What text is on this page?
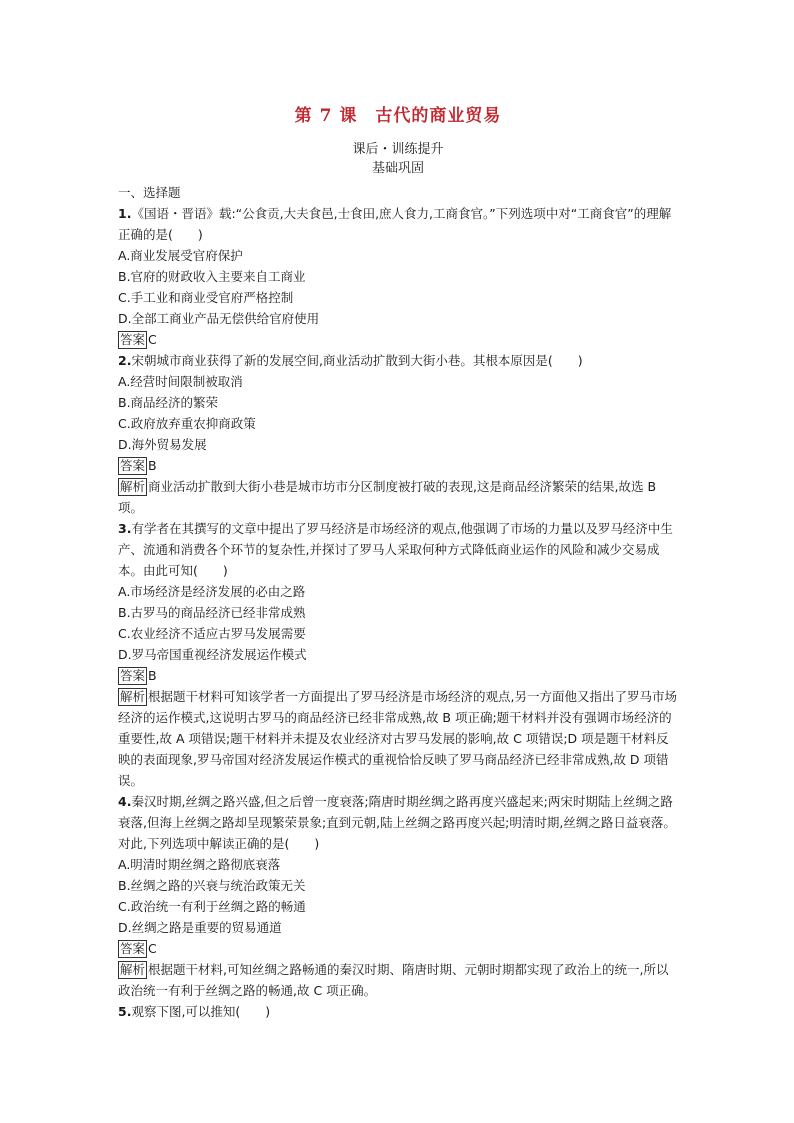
第 7 课　古代的商业贸易
课后・训练提升
基础巩固
一、选择题
1.《国语・晋语》载:“公食贡,大夫食邑,士食田,庶人食力,工商食官。”下列选项中对“工商食官”的理解正确的是(　　)
A.商业发展受官府保护
B.官府的财政收入主要来自工商业
C.手工业和商业受官府严格控制
D.全部工商业产品无偿供给官府使用
答案 C
2.宋朝城市商业获得了新的发展空间,商业活动扩散到大街小巷。其根本原因是(　　)
A.经营时间限制被取消
B.商品经济的繁荣
C.政府放弃重农抑商政策
D.海外贸易发展
答案 B
解析 商业活动扩散到大街小巷是城市坊市分区制度被打破的表现,这是商品经济繁荣的结果,故选 B 项。
3.有学者在其撰写的文章中提出了罗马经济是市场经济的观点,他强调了市场的力量以及罗马经济中生产、流通和消费各个环节的复杂性,并探讨了罗马人采取何种方式降低商业运作的风险和减少交易成本。由此可知(　　)
A.市场经济是经济发展的必由之路
B.古罗马的商品经济已经非常成熟
C.农业经济不适应古罗马发展需要
D.罗马帝国重视经济发展运作模式
答案 B
解析 根据题干材料可知该学者一方面提出了罗马经济是市场经济的观点,另一方面他又指出了罗马市场经济的运作模式,这说明古罗马的商品经济已经非常成熟,故 B 项正确;题干材料并没有强调市场经济的重要性,故 A 项错误;题干材料并未提及农业经济对古罗马发展的影响,故 C 项错误;D 项是题干材料反映的表面现象,罗马帝国对经济发展运作模式的重视恰恰反映了罗马商品经济已经非常成熟,故 D 项错误。
4.秦汉时期,丝绸之路兴盛,但之后曾一度衰落;隋唐时期丝绸之路再度兴盛起来;两宋时期陆上丝绸之路衰落,但海上丝绸之路却呈现繁荣景象;直到元朝,陆上丝绸之路再度兴起;明清时期,丝绸之路日益衰落。对此,下列选项中解读正确的是(　　)
A.明清时期丝绸之路彻底衰落
B.丝绸之路的兴衰与统治政策无关
C.政治统一有利于丝绸之路的畅通
D.丝绸之路是重要的贸易通道
答案 C
解析 根据题干材料,可知丝绸之路畅通的秦汉时期、隋唐时期、元朝时期都实现了政治上的统一,所以政治统一有利于丝绸之路的畅通,故 C 项正确。
5.观察下图,可以推知(　　)
